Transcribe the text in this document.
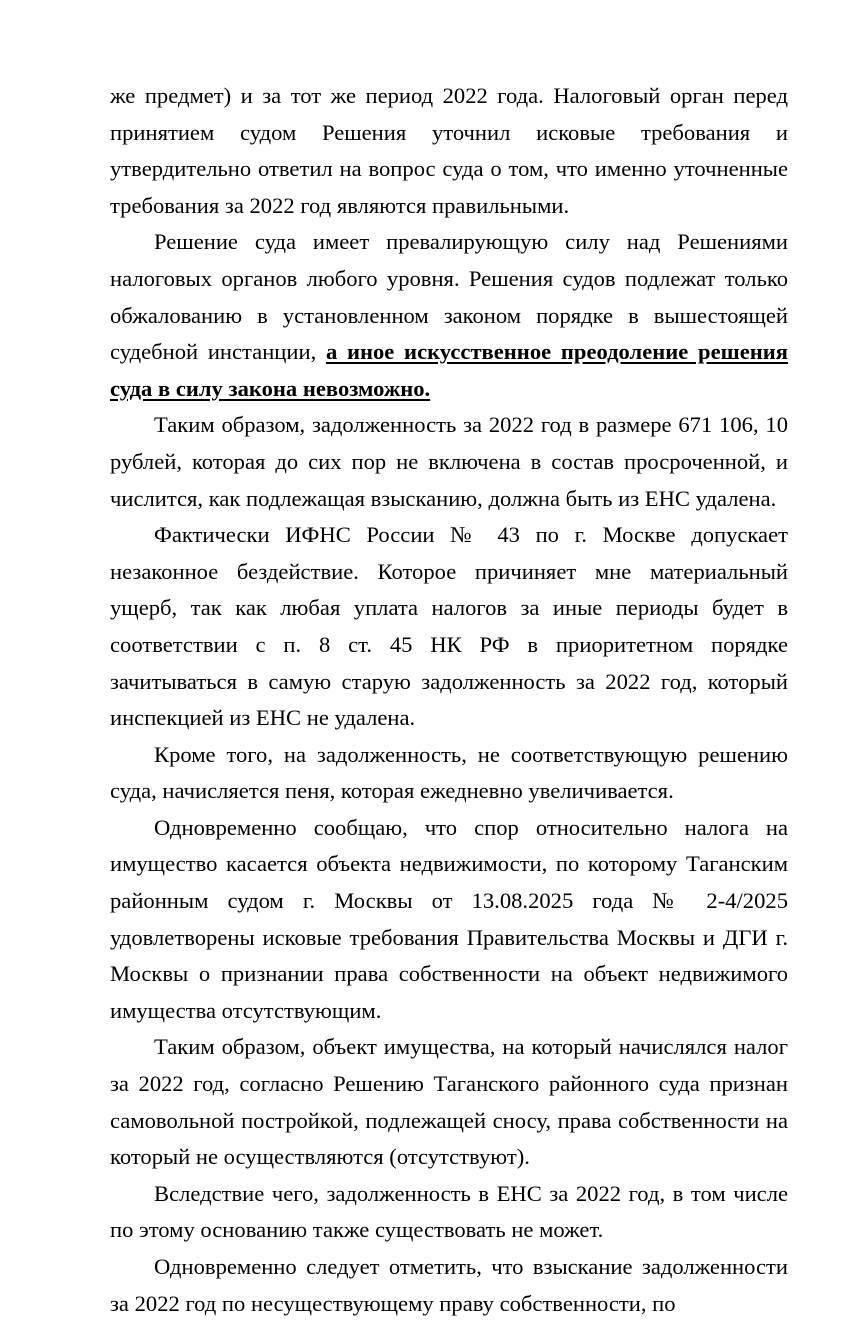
же предмет) и за тот же период 2022 года. Налоговый орган перед принятием судом Решения уточнил исковые требования и утвердительно ответил на вопрос суда о том, что именно уточненные требования за 2022 год являются правильными.

Решение суда имеет превалирующую силу над Решениями налоговых органов любого уровня. Решения судов подлежат только обжалованию в установленном законом порядке в вышестоящей судебной инстанции, а иное искусственное преодоление решения суда в силу закона невозможно.

Таким образом, задолженность за 2022 год в размере 671 106, 10 рублей, которая до сих пор не включена в состав просроченной, и числится, как подлежащая взысканию, должна быть из ЕНС удалена.

Фактически ИФНС России № 43 по г. Москве допускает незаконное бездействие. Которое причиняет мне материальный ущерб, так как любая уплата налогов за иные периоды будет в соответствии с п. 8 ст. 45 НК РФ в приоритетном порядке зачитываться в самую старую задолженность за 2022 год, который инспекцией из ЕНС не удалена.

Кроме того, на задолженность, не соответствующую решению суда, начисляется пеня, которая ежедневно увеличивается.

Одновременно сообщаю, что спор относительно налога на имущество касается объекта недвижимости, по которому Таганским районным судом г. Москвы от 13.08.2025 года № 2-4/2025 удовлетворены исковые требования Правительства Москвы и ДГИ г. Москвы о признании права собственности на объект недвижимого имущества отсутствующим.

Таким образом, объект имущества, на который начислялся налог за 2022 год, согласно Решению Таганского районного суда признан самовольной постройкой, подлежащей сносу, права собственности на который не осуществляются (отсутствуют).

Вследствие чего, задолженность в ЕНС за 2022 год, в том числе по этому основанию также существовать не может.

Одновременно следует отметить, что взыскание задолженности за 2022 год по несуществующему праву собственности, по
